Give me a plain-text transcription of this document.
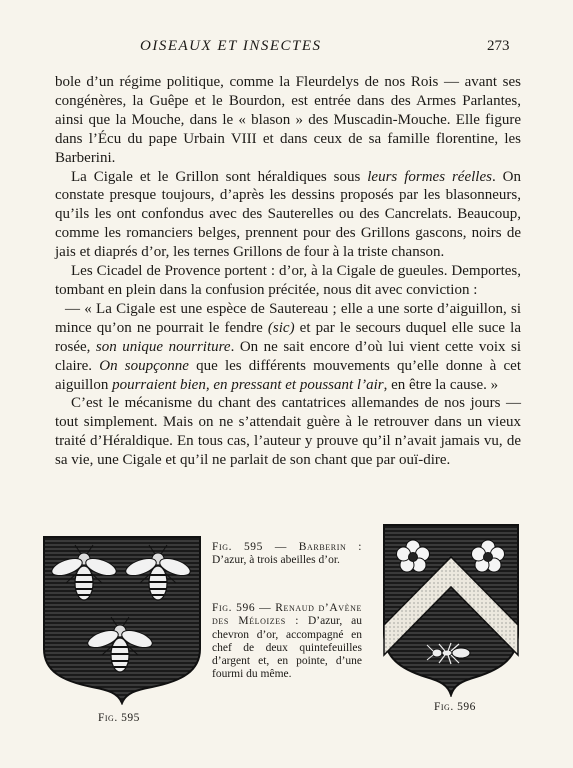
OISEAUX ET INSECTES	273

bole d’un régime politique, comme la Fleurdelys de nos Rois — avant ses congénères, la Guêpe et le Bourdon, est entrée dans des Armes Parlantes, ainsi que la Mouche, dans le « blason » des Muscadin-Mouche. Elle figure dans l’Écu du pape Urbain VIII et dans ceux de sa famille florentine, les Barberini.

La Cigale et le Grillon sont héraldiques sous leurs formes réelles. On constate presque toujours, d’après les dessins proposés par les blasonneurs, qu’ils les ont confondus avec des Sauterelles ou des Cancrelats. Beaucoup, comme les romanciers belges, prennent pour des Grillons gascons, noirs de jais et diaprés d’or, les ternes Grillons de four à la triste chanson.

Les Cicadel de Provence portent : d’or, à la Cigale de gueules. Demportes, tombant en plein dans la confusion précitée, nous dit avec conviction :

— « La Cigale est une espèce de Sautereau ; elle a une sorte d’aiguillon, si mince qu’on ne pourrait le fendre (sic) et par le secours duquel elle suce la rosée, son unique nourriture. On ne sait encore d’où lui vient cette voix si claire. On soupçonne que les différents mouvements qu’elle donne à cet aiguillon pourraient bien, en pressant et poussant l’air, en être la cause. »

C’est le mécanisme du chant des cantatrices allemandes de nos jours — tout simplement. Mais on ne s’attendait guère à le retrouver dans un vieux traité d’Héraldique. En tous cas, l’auteur y prouve qu’il n’avait jamais vu, de sa vie, une Cigale et qu’il ne parlait de son chant que par ouï-dire.

Fig. 595
Fig. 595 — Barberin : D’azur, à trois abeilles d’or.
Fig. 596 — Renaud d’Avène des Méloizes : D’azur, au chevron d’or, accompagné en chef de deux quintefeuilles d’argent et, en pointe, d’une fourmi du même.
Fig. 596
